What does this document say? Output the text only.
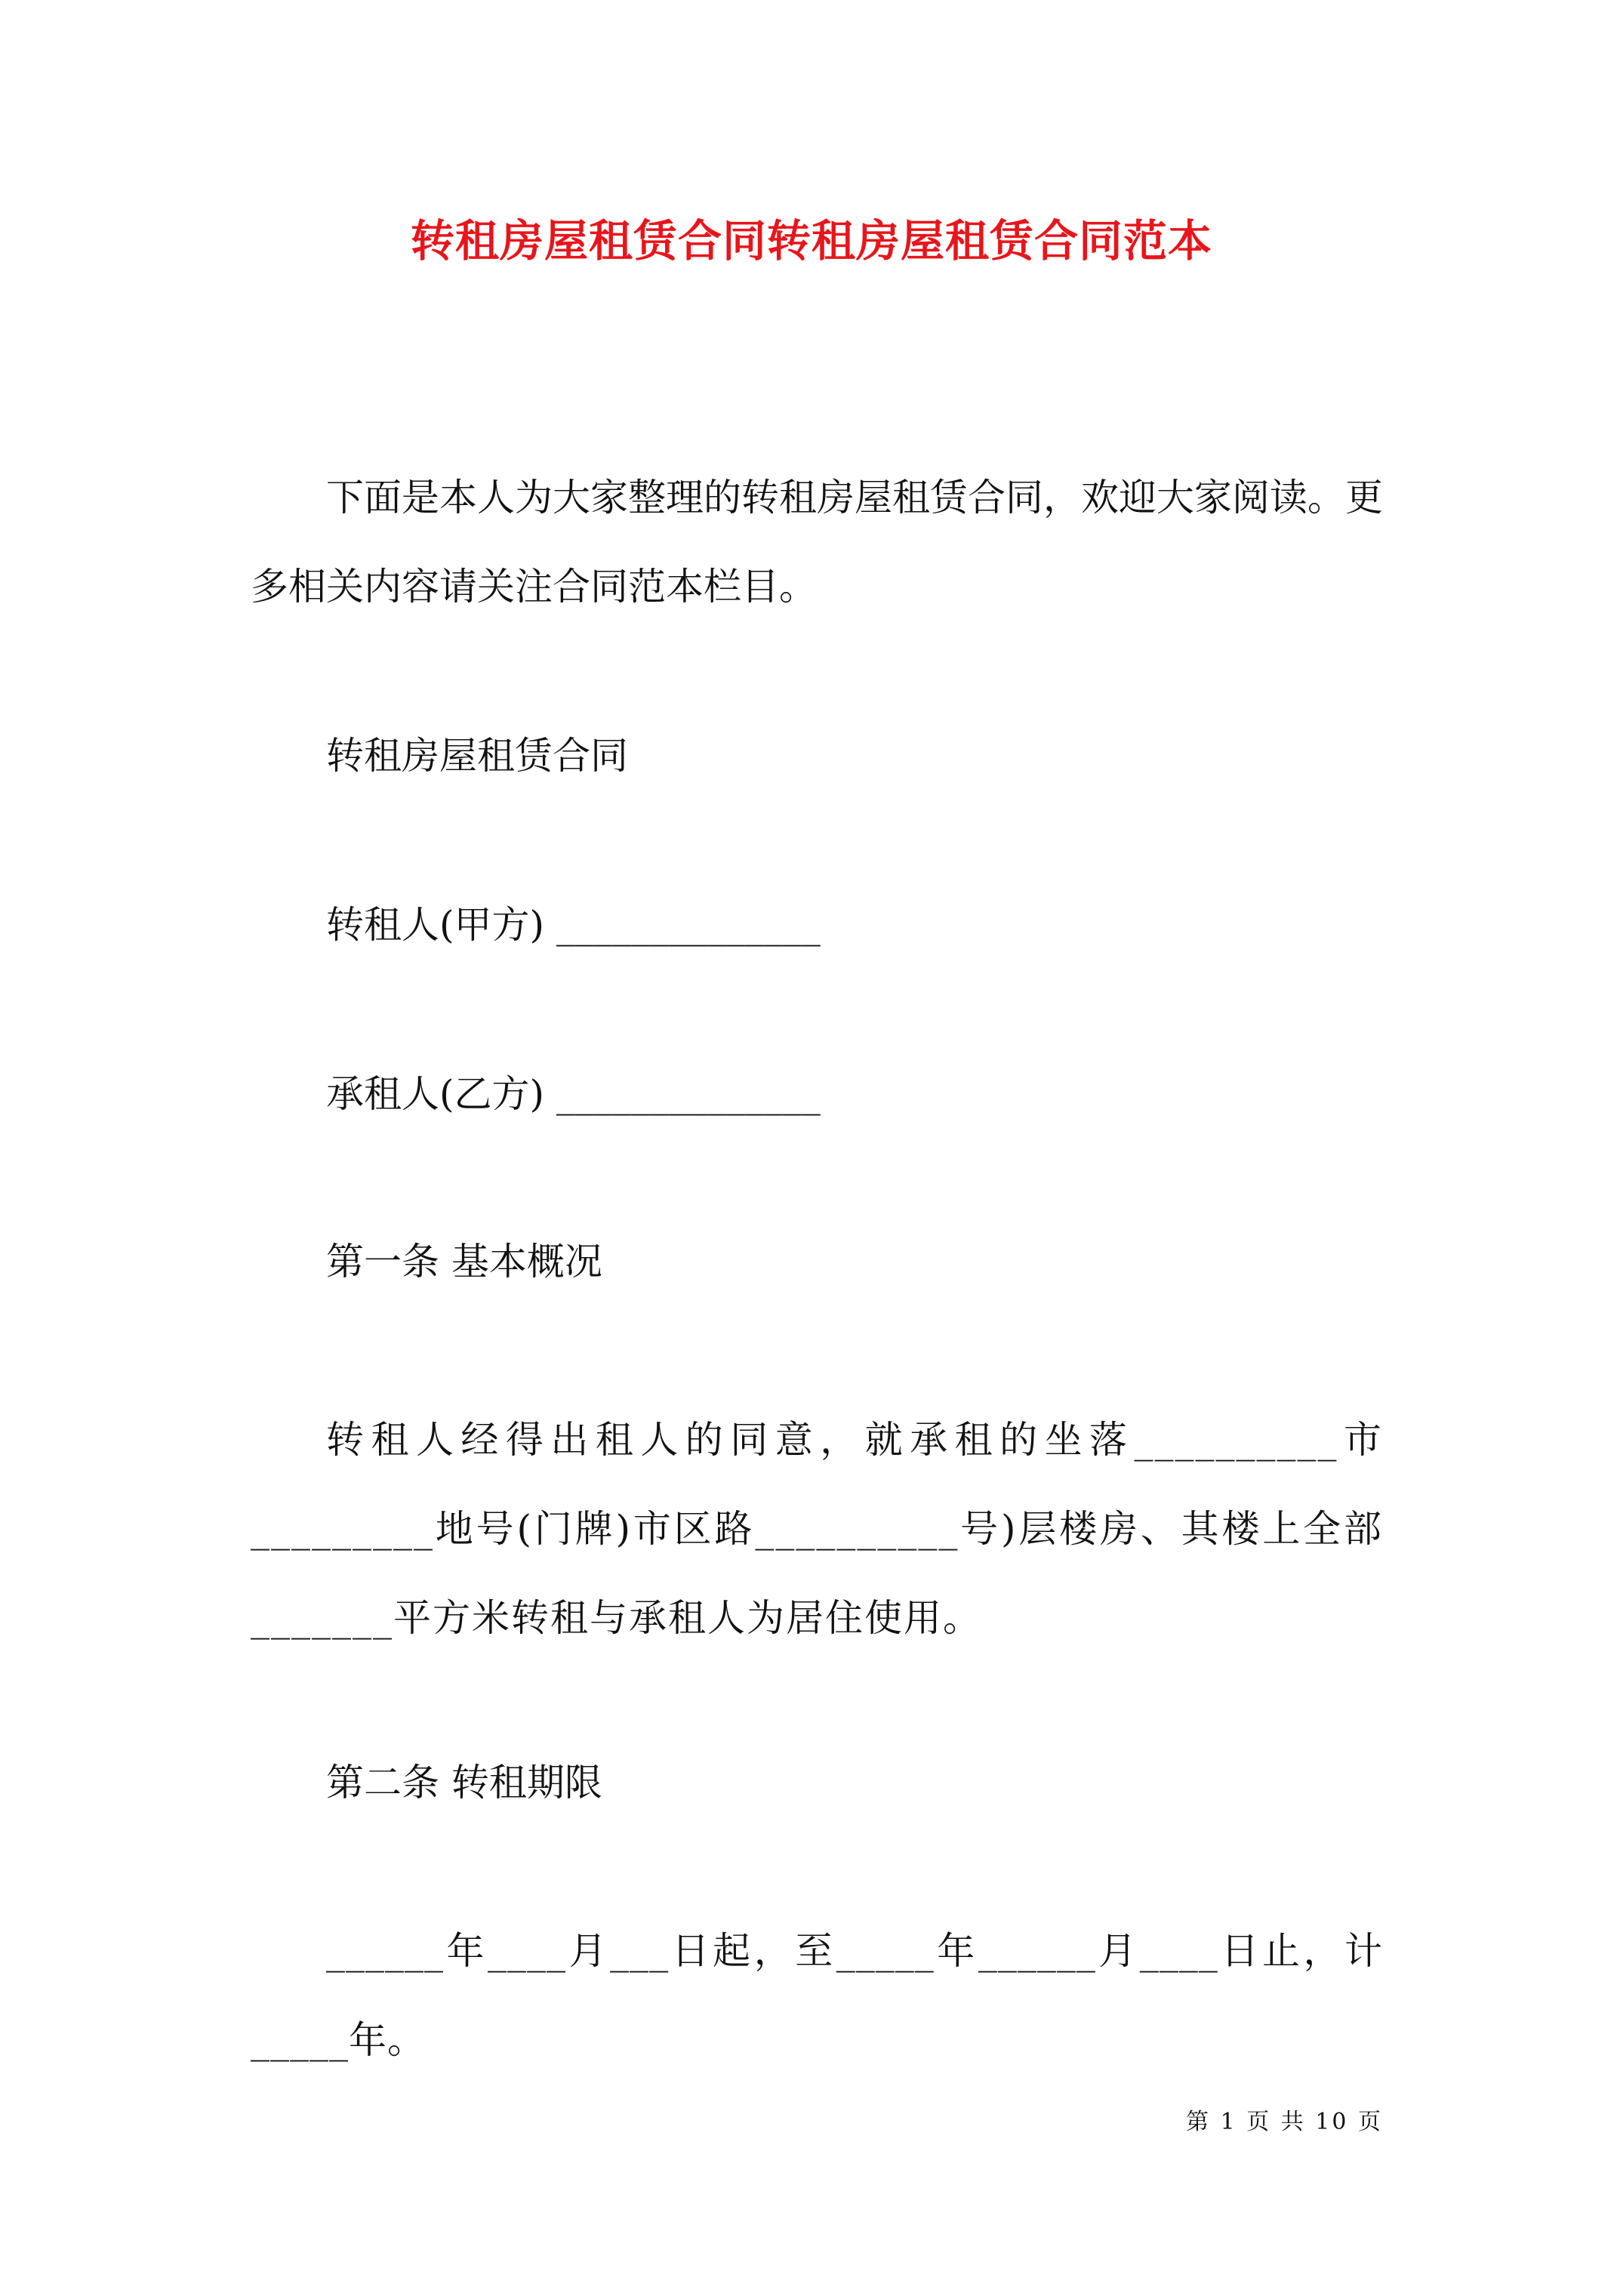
转租房屋租赁合同转租房屋租赁合同范本
下面是本人为大家整理的转租房屋租赁合同，欢迎大家阅读。更多相关内容请关注合同范本栏目。
转租房屋租赁合同
转租人(甲方) ______________
承租人(乙方) ______________
第一条 基本概况
转租人经得出租人的同意，就承租的坐落__________市_________地号(门牌)市区路__________号)层楼房、其楼上全部_______平方米转租与承租人为居住使用。
第二条 转租期限
______年____月___日起，至_____年______月____日止，计_____年。
第 1 页 共 10 页
